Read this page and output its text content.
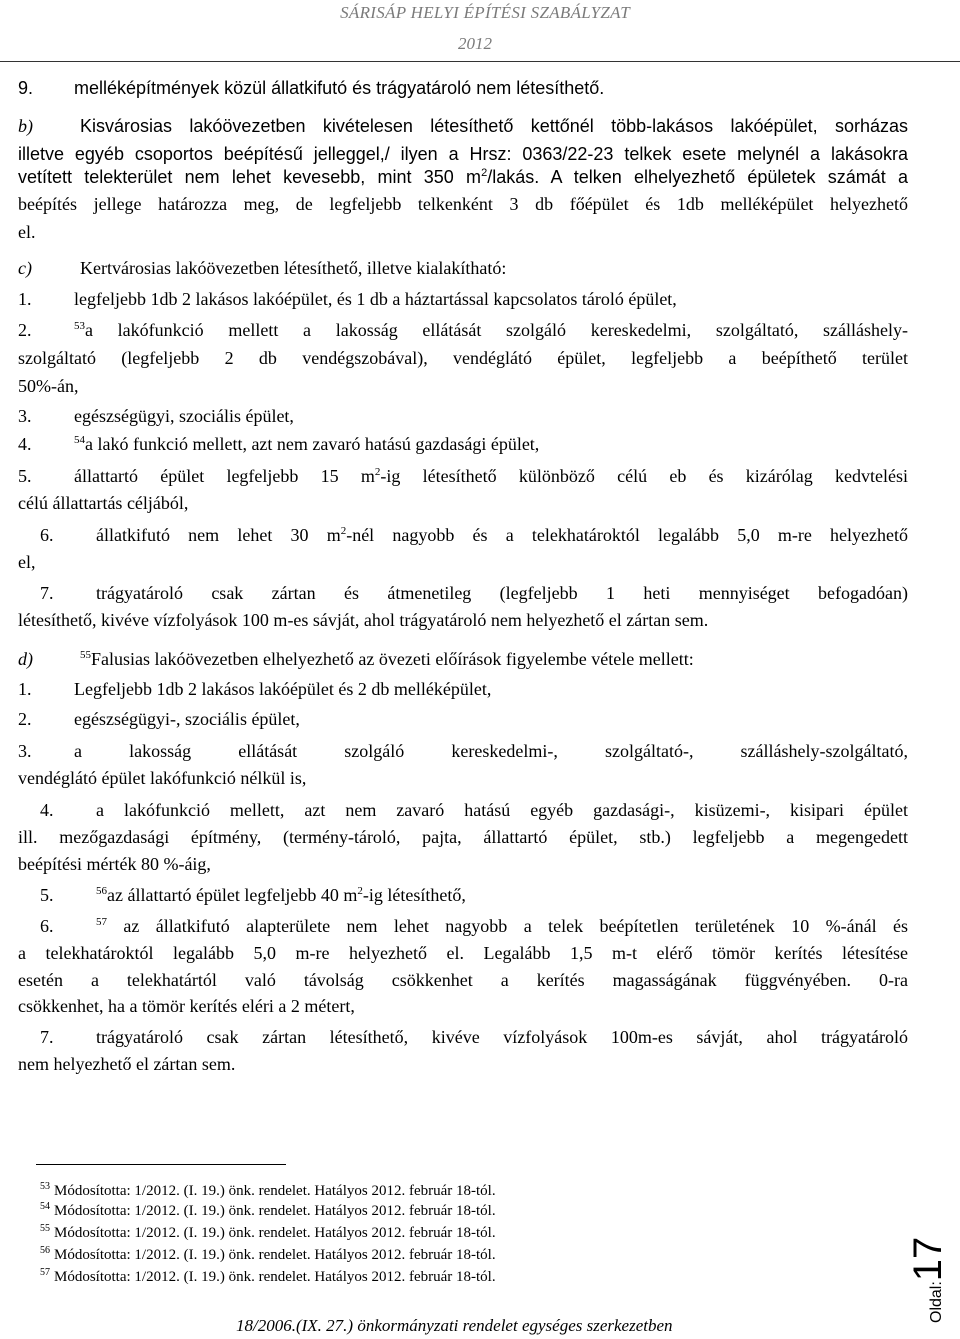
SÁRISÁP HELYI ÉPÍTÉSI SZABÁLYZAT
2012
9. melléképítmények közül állatkifutó és trágyatároló nem létesíthető.
b)	Kisvárosias lakóövezetben kivételesen létesíthető kettőnél több-lakásos lakóépület, sorházas
illetve egyéb csoportos beépítésű jelleggel,/ ilyen a Hrsz: 0363/22-23 telkek esete melynél a lakásokra
vetített telekterület nem lehet kevesebb, mint 350 $m^2$/lakás. A telken elhelyezhető épületek számát a
beépítés jellege határozza meg, de legfeljebb telkenként 3 db főépület és 1db melléképület helyezhető
el.
c)	Kertvárosias lakóövezetben létesíthető, illetve kialakítható:
1. legfeljebb 1db 2 lakásos lakóépület, és 1 db a háztartással kapcsolatos tároló épület,
2.	$^{53}$a lakófunkció mellett a lakosság ellátását szolgáló kereskedelmi, szolgáltató, szálláshely-
szolgáltató (legfeljebb 2 db vendégszobával), vendéglátó épület, legfeljebb a beépíthető terület
50%-án,
3. egészségügyi, szociális épület,
4.	$^{54}$a lakó funkció mellett, azt nem zavaró hatású gazdasági épület,
5. állattartó épület legfeljebb 15 $m^2-ig$ létesíthető különböző célú eb és kizárólag kedvtelési
célú állattartás céljából,
6. állatkifutó nem lehet 30 $m^2$-nél nagyobb és a telekhatároktól legalább 5,0 m-re helyezhető
el,
7. trágyatároló csak zártan és átmenetileg (legfeljebb 1 heti mennyiséget befogadóan)
létesíthető, kivéve vízfolyások 100 m-es sávját, ahol trágyatároló nem helyezhető el zártan sem.
d)	$^{55}$Falusias lakóövezetben elhelyezhető az övezeti előírások figyelembe vétele mellett:
1. Legfeljebb 1db 2 lakásos lakóépület és 2 db melléképület,
2. egészségügyi-, szociális épület,
3. a lakosság ellátását szolgáló kereskedelmi-, szolgáltató-, szálláshely-szolgáltató,
vendéglátó épület lakófunkció nélkül is,
4. a lakófunkció mellett, azt nem zavaró hatású egyéb gazdasági-, kisüzemi-, kisipari épület
ill. mezőgazdasági építmény, (termény-tároló, pajta, állattartó épület, stb.) legfeljebb a megengedett
beépítési mérték 80 %-áig,
5.	$^{56}$az állattartó épület legfeljebb 40 $m^2-ig$ létesíthető,
6.	$^{57}$ az állatkifutó alapterülete nem lehet nagyobb a telek beépítetlen területének 10 %-ánál és
a telekhatároktól legalább 5,0 m-re helyezhető el. Legalább 1,5 m-t elérő tömör kerítés létesítése
esetén a telekhatártól való távolság csökkenhet a kerítés magasságának függvényében. 0-ra
csökkenhet, ha a tömör kerítés eléri a 2 métert,
7. trágyatároló csak zártan létesíthető, kivéve vízfolyások 100m-es sávját, ahol trágyatároló
nem helyezhető el zártan sem.
$^{53}$ Módosította: 1/2012. (I. 19.) önk. rendelet. Hatályos 2012. február 18-tól.
$^{54}$ Módosította: 1/2012. (I. 19.) önk. rendelet. Hatályos 2012. február 18-tól.
$^{55}$ Módosította: 1/2012. (I. 19.) önk. rendelet. Hatályos 2012. február 18-tól.
$^{56}$ Módosította: 1/2012. (I. 19.) önk. rendelet. Hatályos 2012. február 18-tól.
$^{57}$ Módosította: 1/2012. (I. 19.) önk. rendelet. Hatályos 2012. február 18-tól.
Oldal:17
18/2006.(IX. 27.) önkormányzati rendelet egységes szerkezetben
